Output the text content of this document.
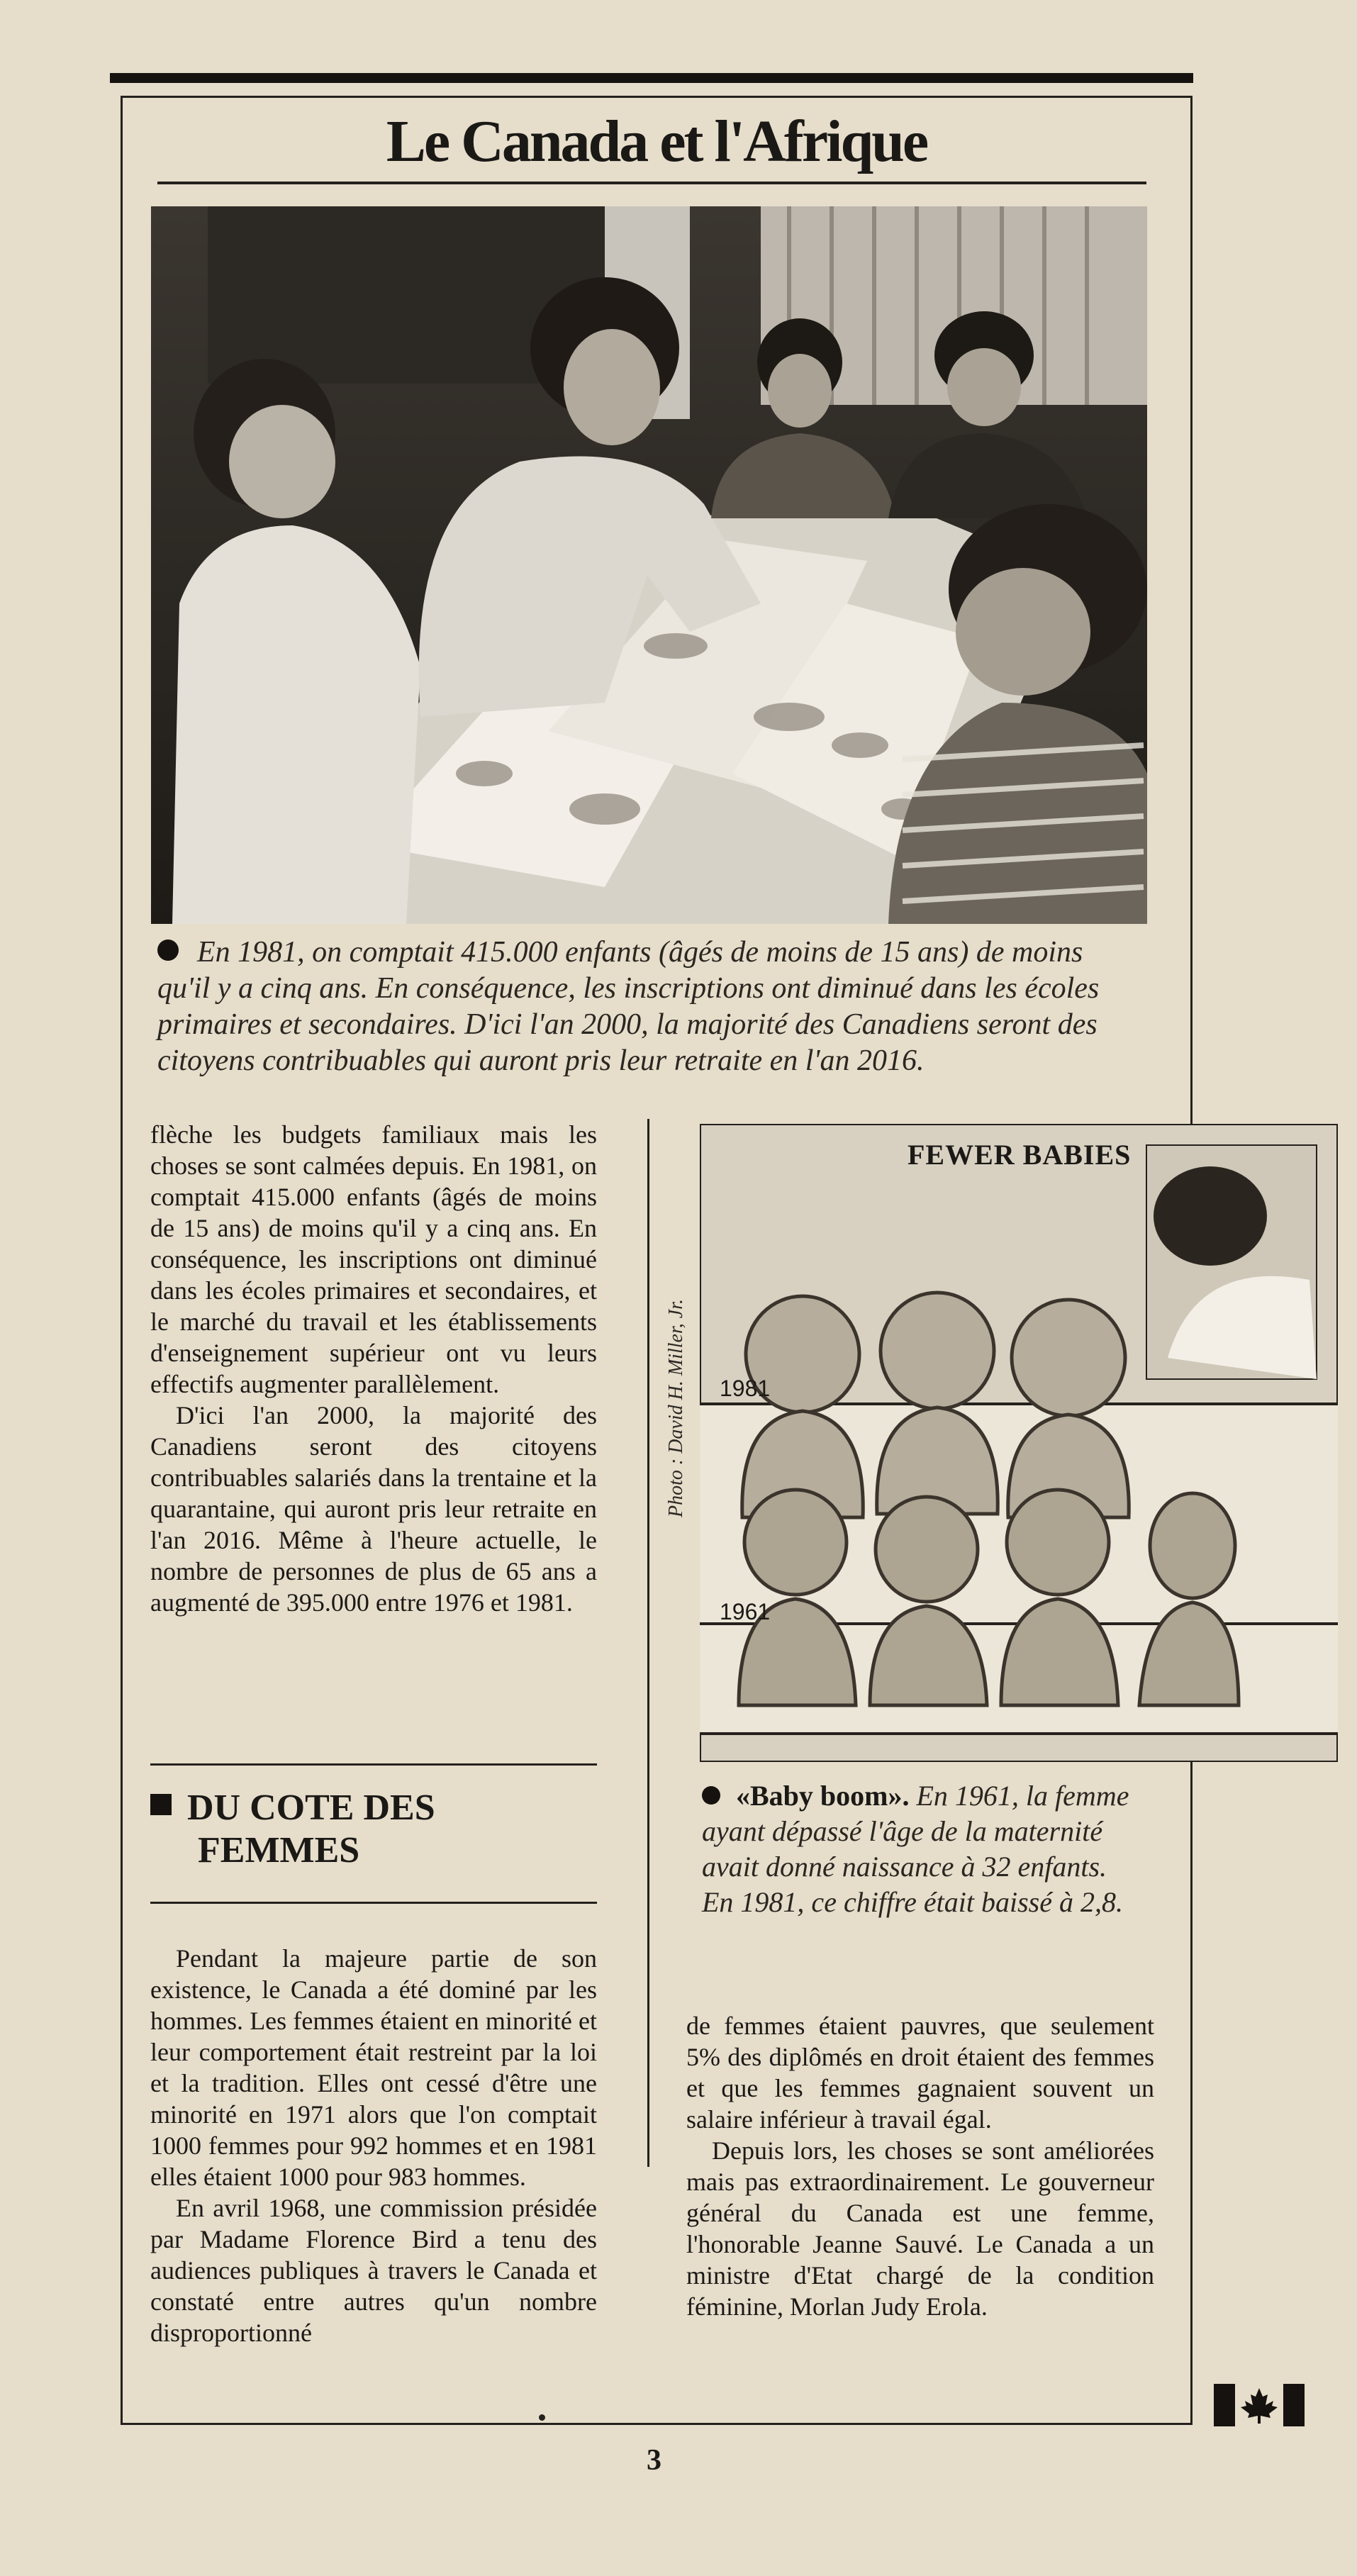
Le Canada et l'Afrique
En 1981, on comptait 415.000 enfants (âgés de moins de 15 ans) de moins qu'il y a cinq ans. En conséquence, les inscriptions ont diminué dans les écoles primaires et secondaires. D'ici l'an 2000, la majorité des Canadiens seront des citoyens contribuables qui auront pris leur retraite en l'an 2016.

flèche les budgets familiaux mais les choses se sont calmées depuis. En 1981, on comptait 415.000 enfants (âgés de moins de 15 ans) de moins qu'il y a cinq ans. En conséquence, les inscriptions ont diminué dans les écoles primaires et secondaires, et le marché du travail et les établissements d'enseignement supérieur ont vu leurs effectifs augmenter parallèlement.

D'ici l'an 2000, la majorité des Canadiens seront des citoyens contribuables salariés dans la trentaine et la quarantaine, qui auront pris leur retraite en l'an 2016. Même à l'heure actuelle, le nombre de personnes de plus de 65 ans a augmenté de 395.000 entre 1976 et 1981.

DU COTE DES
FEMMES

Pendant la majeure partie de son existence, le Canada a été dominé par les hommes. Les femmes étaient en minorité et leur comportement était restreint par la loi et la tradition. Elles ont cessé d'être une minorité en 1971 alors que l'on comptait 1000 femmes pour 992 hommes et en 1981 elles étaient 1000 pour 983 hommes.

En avril 1968, une commission présidée par Madame Florence Bird a tenu des audiences publiques à travers le Canada et constaté entre autres qu'un nombre disproportionné

Photo : David H. Miller, Jr.
FEWER BABIES
1981
1961
«Baby boom». En 1961, la femme ayant dépassé l'âge de la maternité avait donné naissance à 32 enfants. En 1981, ce chiffre était baissé à 2,8.

de femmes étaient pauvres, que seulement 5% des diplômés en droit étaient des femmes et que les femmes gagnaient souvent un salaire inférieur à travail égal.

Depuis lors, les choses se sont améliorées mais pas extraordinairement. Le gouverneur général du Canada est une femme, l'honorable Jeanne Sauvé. Le Canada a un ministre d'Etat chargé de la condition féminine, Morlan Judy Erola.

3
